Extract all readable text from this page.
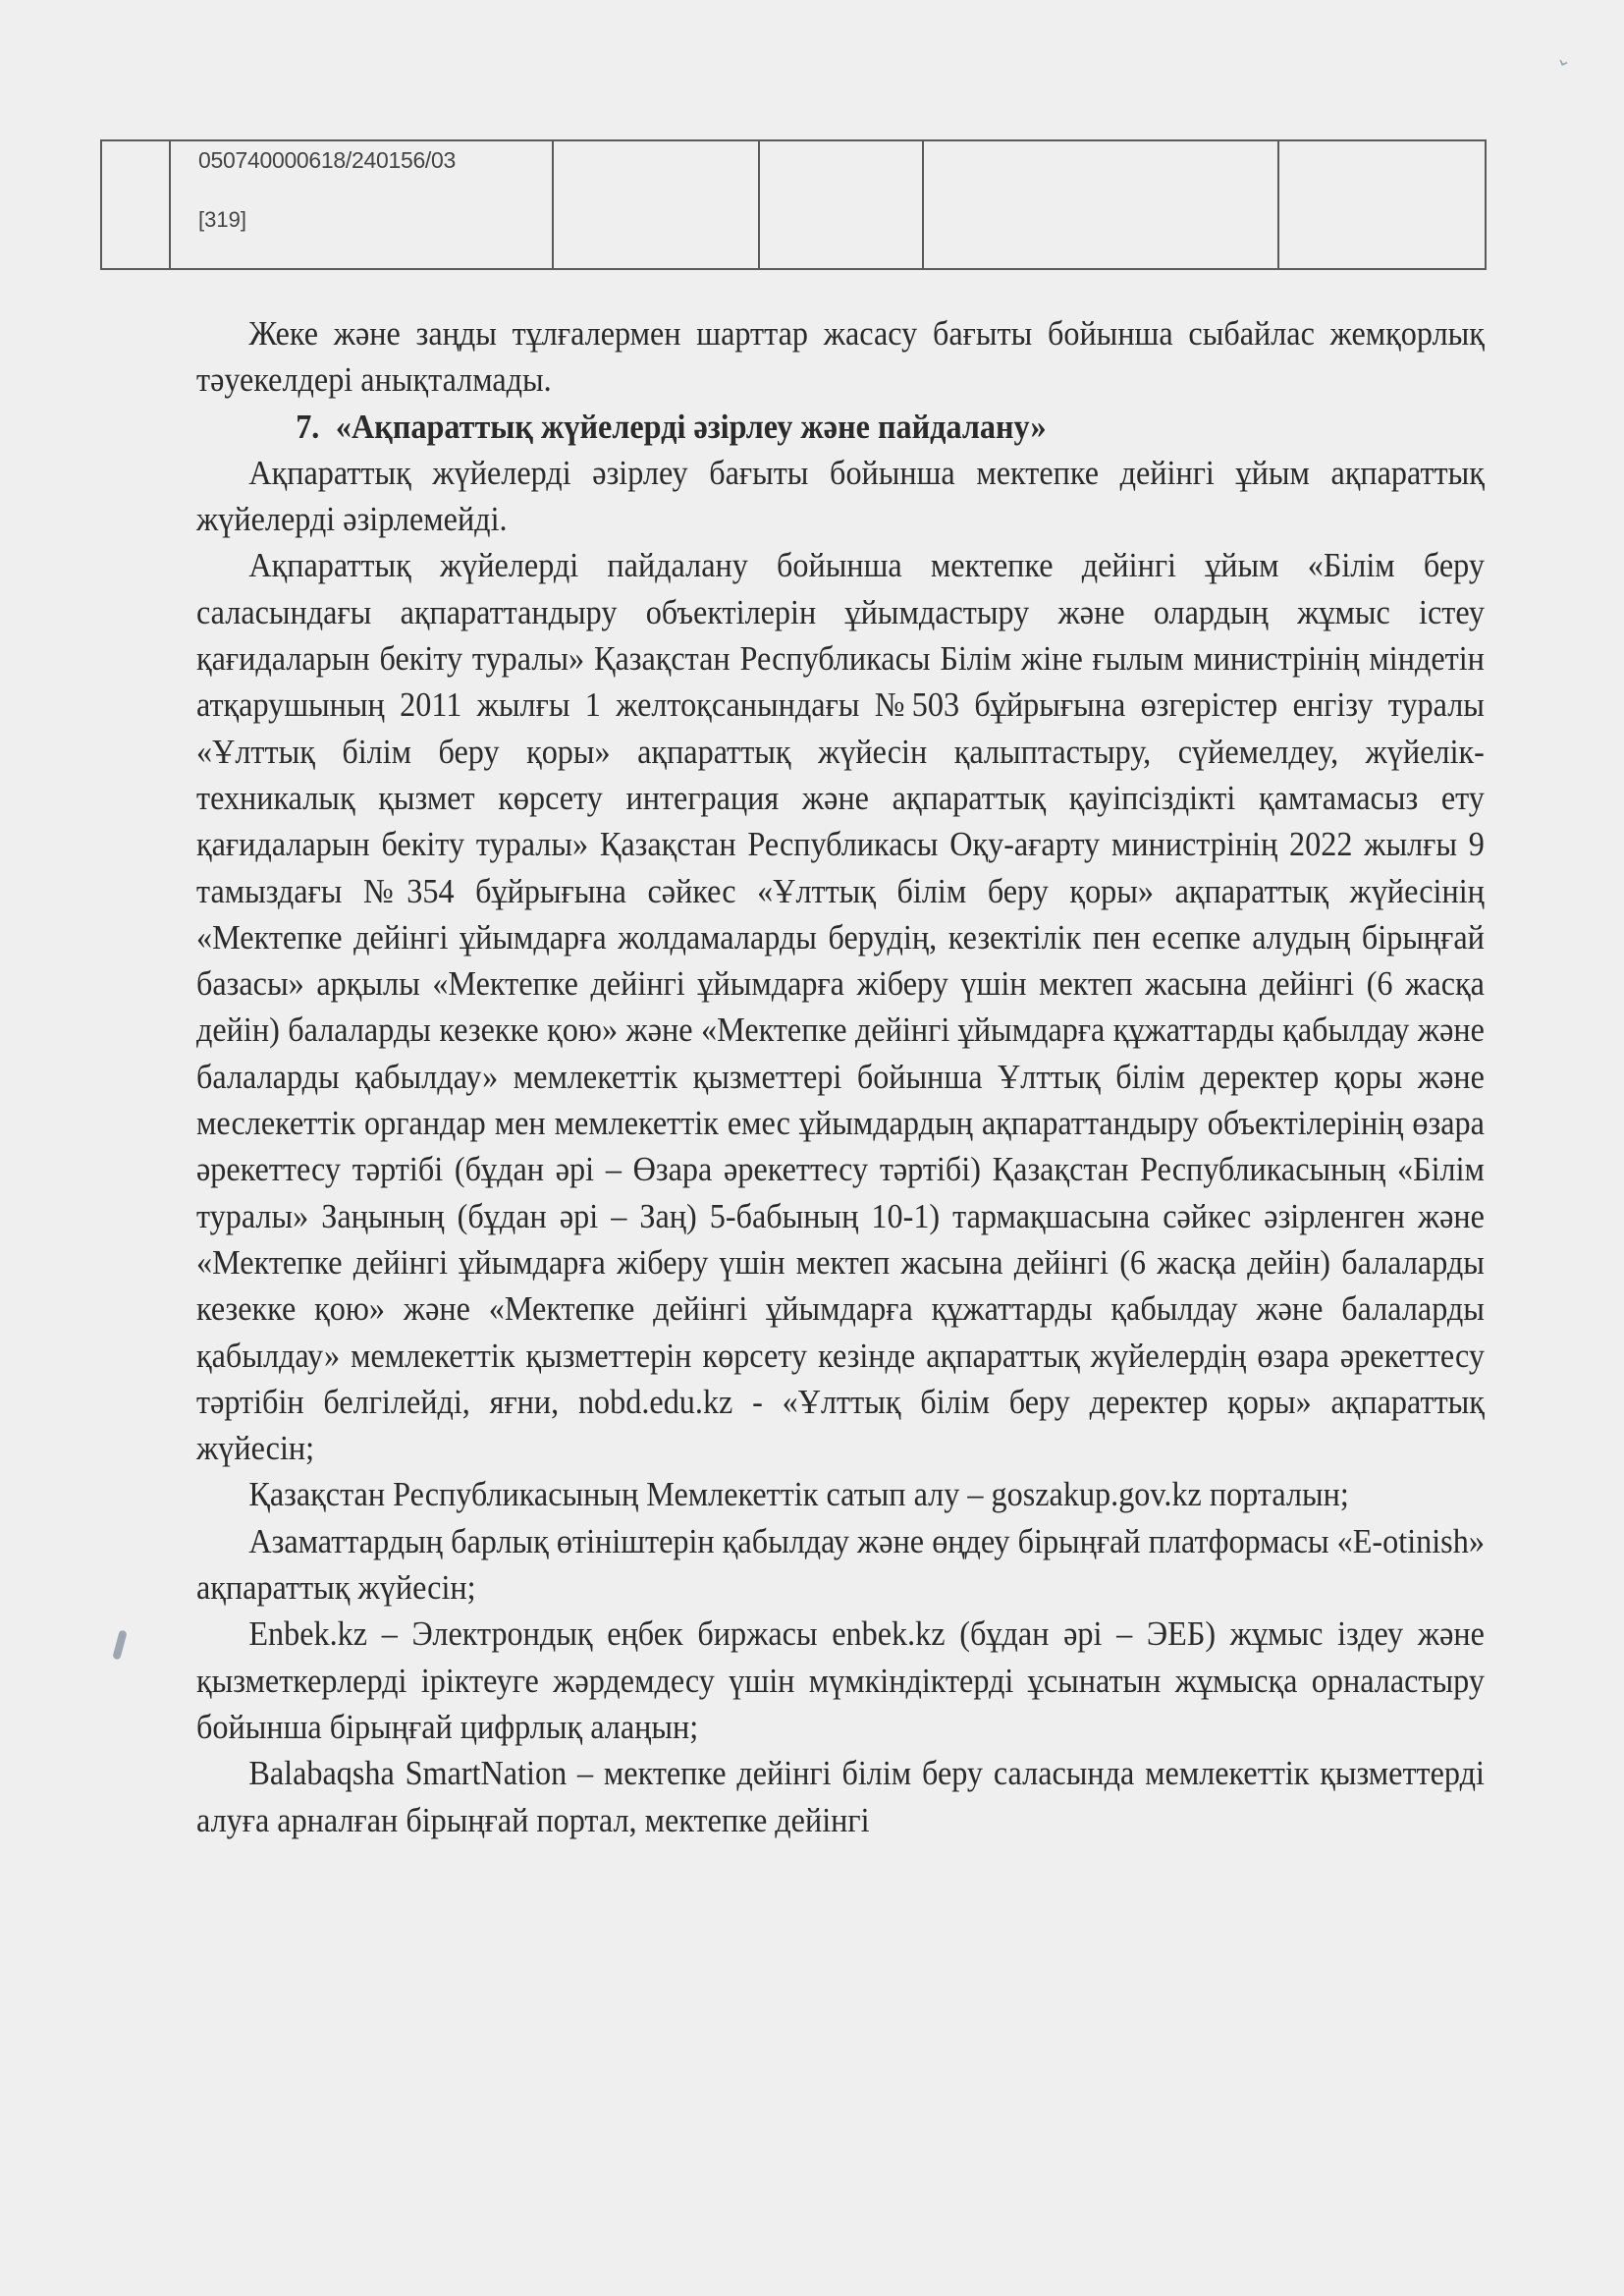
⌄

050740000618/240156/03
[319]

Жеке және заңды тұлғалермен шарттар жасасу бағыты бойынша сыбайлас жемқорлық тәуекелдері анықталмады.

7. «Ақпараттық жүйелерді әзірлеу және пайдалану»

Ақпараттық жүйелерді әзірлеу бағыты бойынша мектепке дейінгі ұйым ақпараттық жүйелерді әзірлемейді.

Ақпараттық жүйелерді пайдалану бойынша мектепке дейінгі ұйым «Білім беру саласындағы ақпараттандыру объектілерін ұйымдастыру және олардың жұмыс істеу қағидаларын бекіту туралы» Қазақстан Республикасы Білім жіне ғылым министрінің міндетін атқарушының 2011 жылғы 1 желтоқсанындағы №503 бұйрығына өзгерістер енгізу туралы «Ұлттық білім беру қоры» ақпараттық жүйесін қалыптастыру, сүйемелдеу, жүйелік-техникалық қызмет көрсету интеграция және ақпараттық қауіпсіздікті қамтамасыз ету қағидаларын бекіту туралы» Қазақстан Республикасы Оқу-ағарту министрінің 2022 жылғы 9 тамыздағы №354 бұйрығына сәйкес «Ұлттық білім беру қоры» ақпараттық жүйесінің «Мектепке дейінгі ұйымдарға жолдамаларды берудің, кезектілік пен есепке алудың бірыңғай базасы» арқылы «Мектепке дейінгі ұйымдарға жіберу үшін мектеп жасына дейінгі (6 жасқа дейін) балаларды кезекке қою» және «Мектепке дейінгі ұйымдарға құжаттарды қабылдау және балаларды қабылдау» мемлекеттік қызметтері бойынша Ұлттық білім деректер қоры және меслекеттік органдар мен мемлекеттік емес ұйымдардың ақпараттандыру объектілерінің өзара әрекеттесу тәртібі (бұдан әрі – Өзара әрекеттесу тәртібі) Қазақстан Республикасының «Білім туралы» Заңының (бұдан әрі – Заң) 5-бабының 10-1) тармақшасына сәйкес әзірленген және «Мектепке дейінгі ұйымдарға жіберу үшін мектеп жасына дейінгі (6 жасқа дейін) балаларды кезекке қою» және «Мектепке дейінгі ұйымдарға құжаттарды қабылдау және балаларды қабылдау» мемлекеттік қызметтерін көрсету кезінде ақпараттық жүйелердің өзара әрекеттесу тәртібін белгілейді, яғни, nobd.edu.kz - «Ұлттық білім беру деректер қоры» ақпараттық жүйесін;

Қазақстан Республикасының Мемлекеттік сатып алу – goszakup.gov.kz порталын;

Азаматтардың барлық өтініштерін қабылдау және өңдеу бірыңғай платформасы «E-otinish» ақпараттық жүйесін;

Enbek.kz – Электрондық еңбек биржасы enbek.kz (бұдан әрі – ЭЕБ) жұмыс іздеу және қызметкерлерді іріктеуге жәрдемдесу үшін мүмкіндіктерді ұсынатын жұмысқа орналастыру бойынша бірыңғай цифрлық алаңын;

Balabaqsha SmartNation – мектепке дейінгі білім беру саласында мемлекеттік қызметтерді алуға арналған бірыңғай портал, мектепке дейінгі
